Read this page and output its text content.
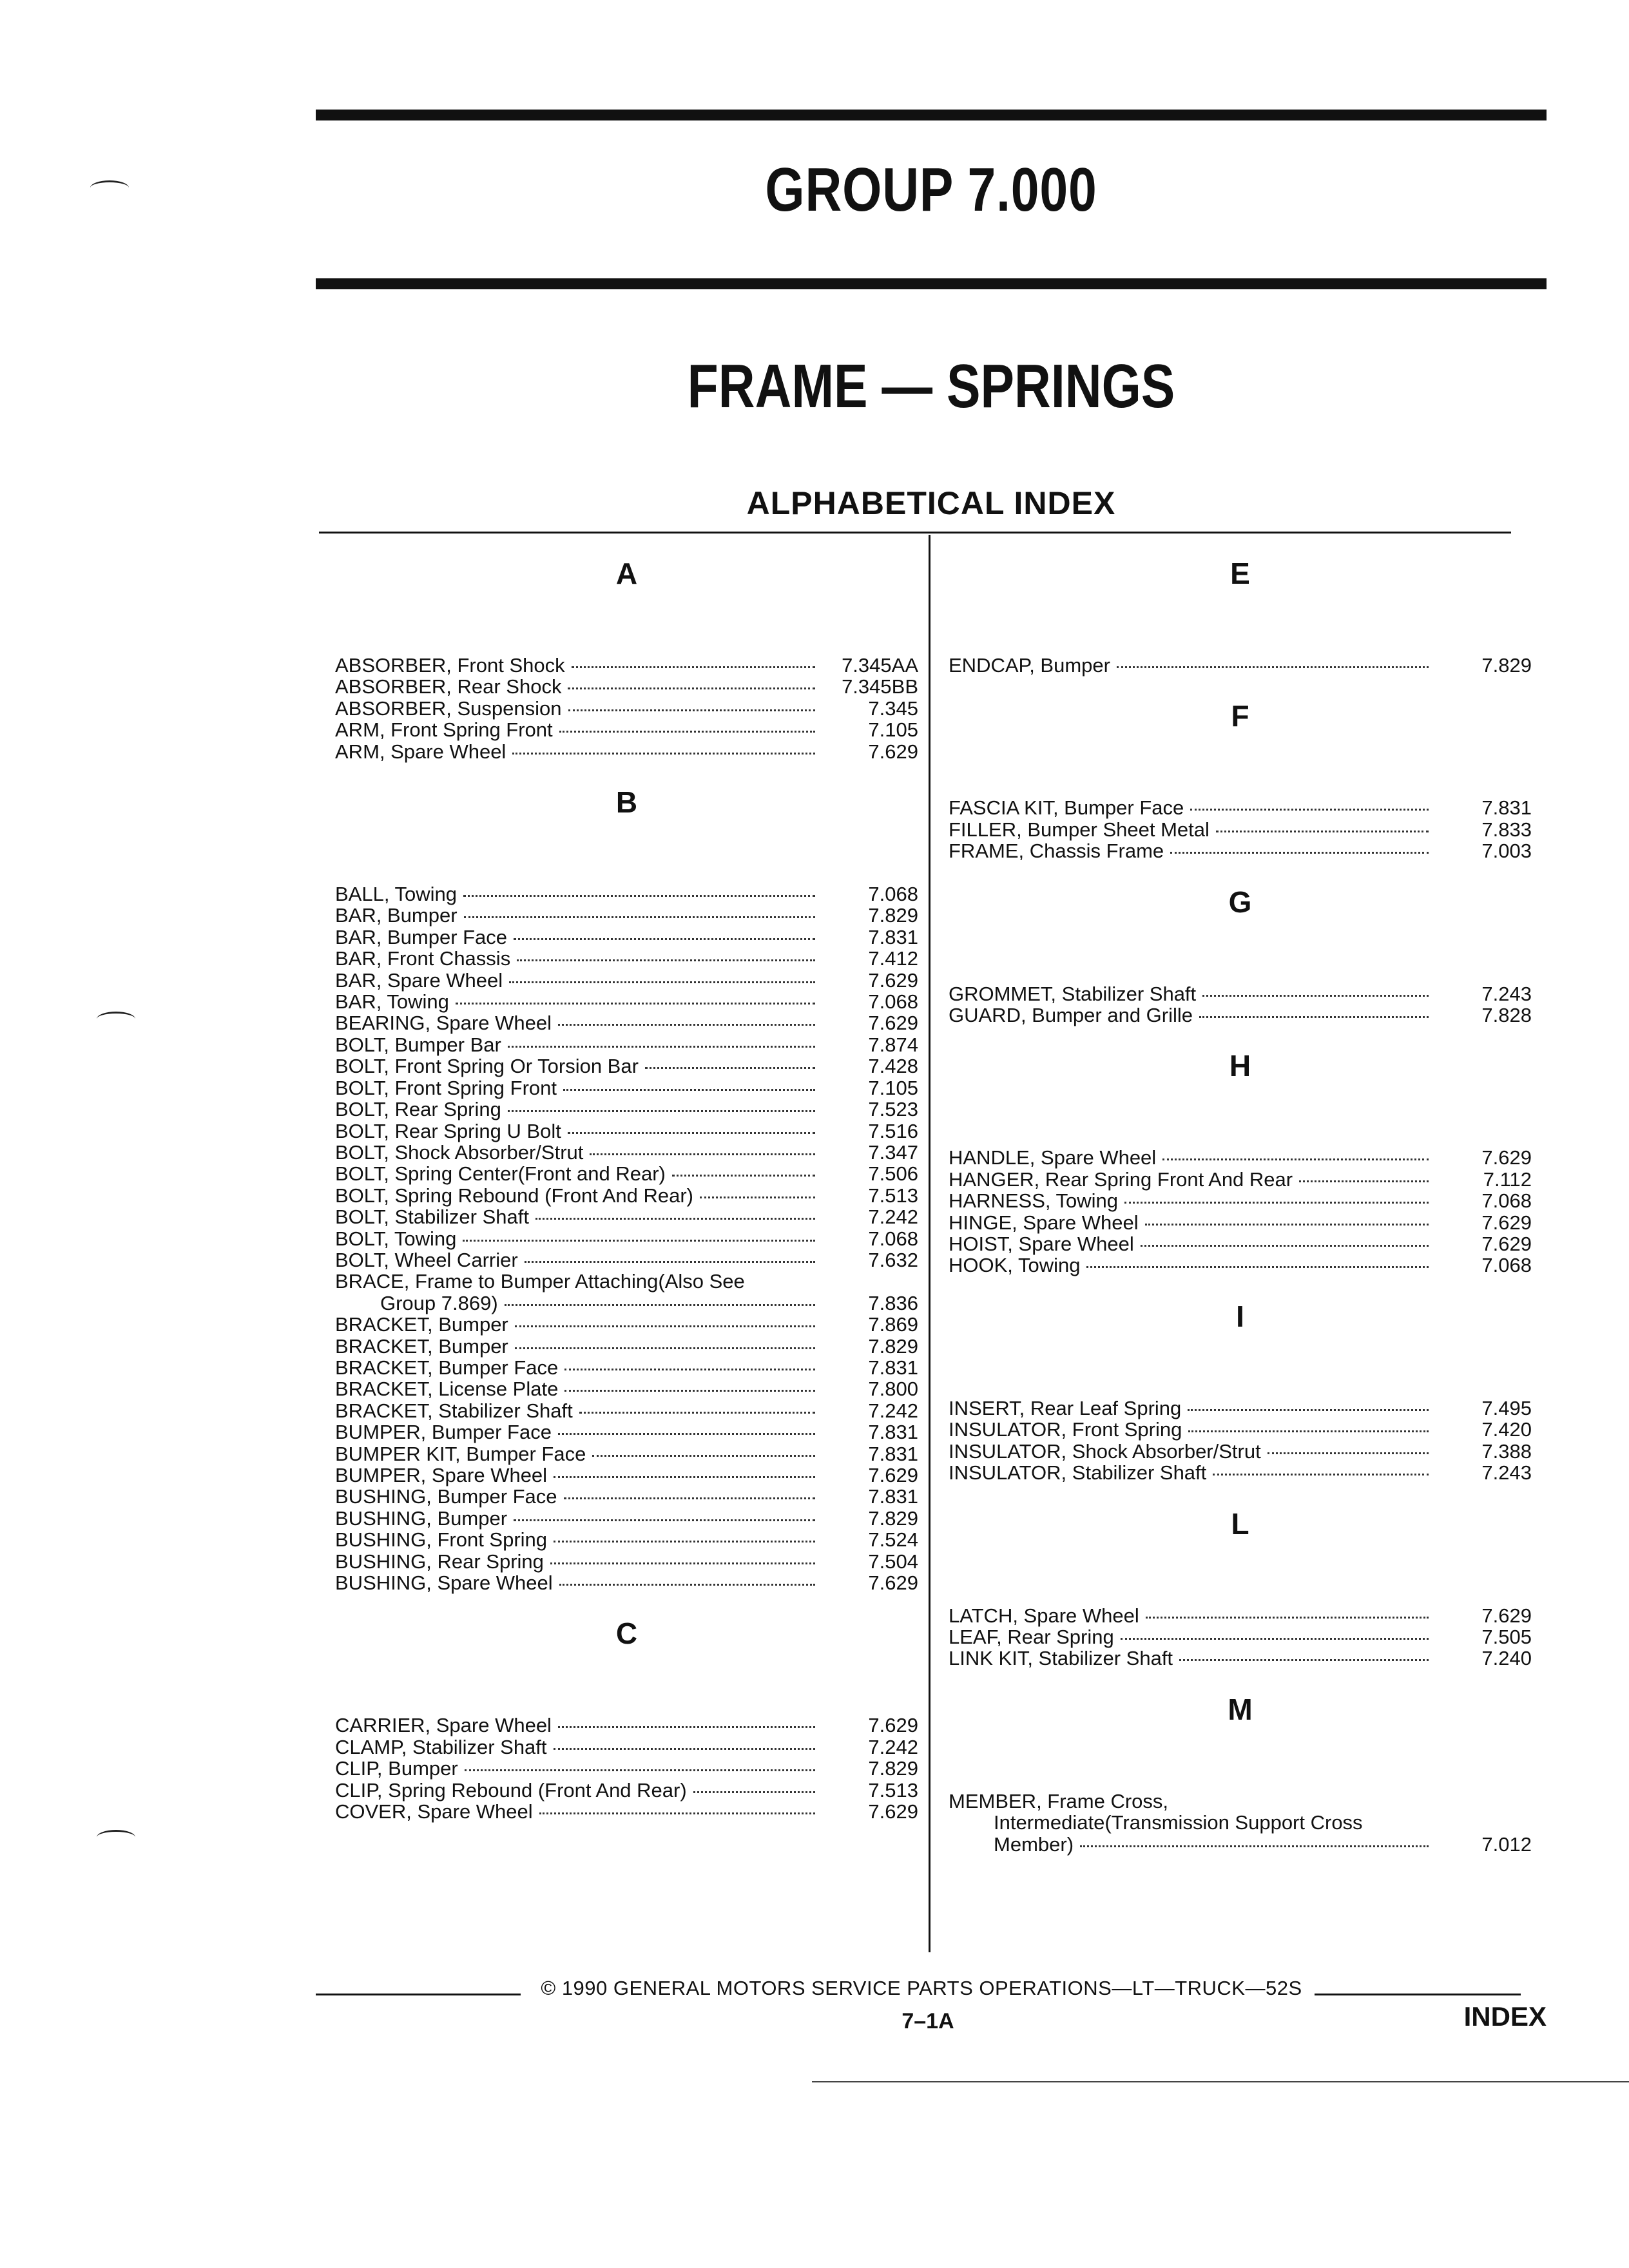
GROUP 7.000
FRAME — SPRINGS
ALPHABETICAL INDEX
A
ABSORBER, Front Shock	7.345AA
ABSORBER, Rear Shock	7.345BB
ABSORBER, Suspension	7.345
ARM, Front Spring Front	7.105
ARM, Spare Wheel	7.629
B
BALL, Towing	7.068
BAR, Bumper	7.829
BAR, Bumper Face	7.831
BAR, Front Chassis	7.412
BAR, Spare Wheel	7.629
BAR, Towing	7.068
BEARING, Spare Wheel	7.629
BOLT, Bumper Bar	7.874
BOLT, Front Spring Or Torsion Bar	7.428
BOLT, Front Spring Front	7.105
BOLT, Rear Spring	7.523
BOLT, Rear Spring U Bolt	7.516
BOLT, Shock Absorber/Strut	7.347
BOLT, Spring Center(Front and Rear)	7.506
BOLT, Spring Rebound (Front And Rear)	7.513
BOLT, Stabilizer Shaft	7.242
BOLT, Towing	7.068
BOLT, Wheel Carrier	7.632
BRACE, Frame to Bumper Attaching(Also See
Group 7.869)	7.836
BRACKET, Bumper	7.869
BRACKET, Bumper	7.829
BRACKET, Bumper Face	7.831
BRACKET, License Plate	7.800
BRACKET, Stabilizer Shaft	7.242
BUMPER, Bumper Face	7.831
BUMPER KIT, Bumper Face	7.831
BUMPER, Spare Wheel	7.629
BUSHING, Bumper Face	7.831
BUSHING, Bumper	7.829
BUSHING, Front Spring	7.524
BUSHING, Rear Spring	7.504
BUSHING, Spare Wheel	7.629
C
CARRIER, Spare Wheel	7.629
CLAMP, Stabilizer Shaft	7.242
CLIP, Bumper	7.829
CLIP, Spring Rebound (Front And Rear)	7.513
COVER, Spare Wheel	7.629
E
ENDCAP, Bumper	7.829
F
FASCIA KIT, Bumper Face	7.831
FILLER, Bumper Sheet Metal	7.833
FRAME, Chassis Frame	7.003
G
GROMMET, Stabilizer Shaft	7.243
GUARD, Bumper and Grille	7.828
H
HANDLE, Spare Wheel	7.629
HANGER, Rear Spring Front And Rear	7.112
HARNESS, Towing	7.068
HINGE, Spare Wheel	7.629
HOIST, Spare Wheel	7.629
HOOK, Towing	7.068
I
INSERT, Rear Leaf Spring	7.495
INSULATOR, Front Spring	7.420
INSULATOR, Shock Absorber/Strut	7.388
INSULATOR, Stabilizer Shaft	7.243
L
LATCH, Spare Wheel	7.629
LEAF, Rear Spring	7.505
LINK KIT, Stabilizer Shaft	7.240
M
MEMBER, Frame Cross,
Intermediate(Transmission Support Cross
Member)	7.012
© 1990 GENERAL MOTORS SERVICE PARTS OPERATIONS—LT—TRUCK—52S
7–1A	INDEX
